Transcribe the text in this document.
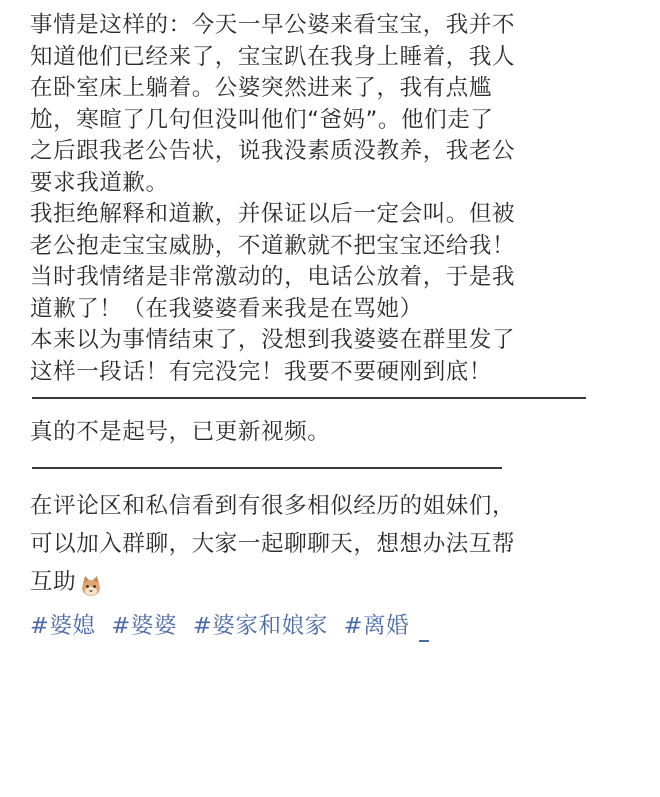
事情是这样的：今天一早公婆来看宝宝，我并不
知道他们已经来了，宝宝趴在我身上睡着，我人
在卧室床上躺着。公婆突然进来了，我有点尴
尬，寒暄了几句但没叫他们“爸妈”。他们走了
之后跟我老公告状，说我没素质没教养，我老公
要求我道歉。
我拒绝解释和道歉，并保证以后一定会叫。但被
老公抱走宝宝威胁，不道歉就不把宝宝还给我！
当时我情绪是非常激动的，电话公放着，于是我
道歉了！（在我婆婆看来我是在骂她）
本来以为事情结束了，没想到我婆婆在群里发了
这样一段话！有完没完！我要不要硬刚到底！
真的不是起号，已更新视频。
在评论区和私信看到有很多相似经历的姐妹们，
可以加入群聊，大家一起聊聊天，想想办法互帮
互助
#婆媳 #婆婆 #婆家和娘家 #离婚
